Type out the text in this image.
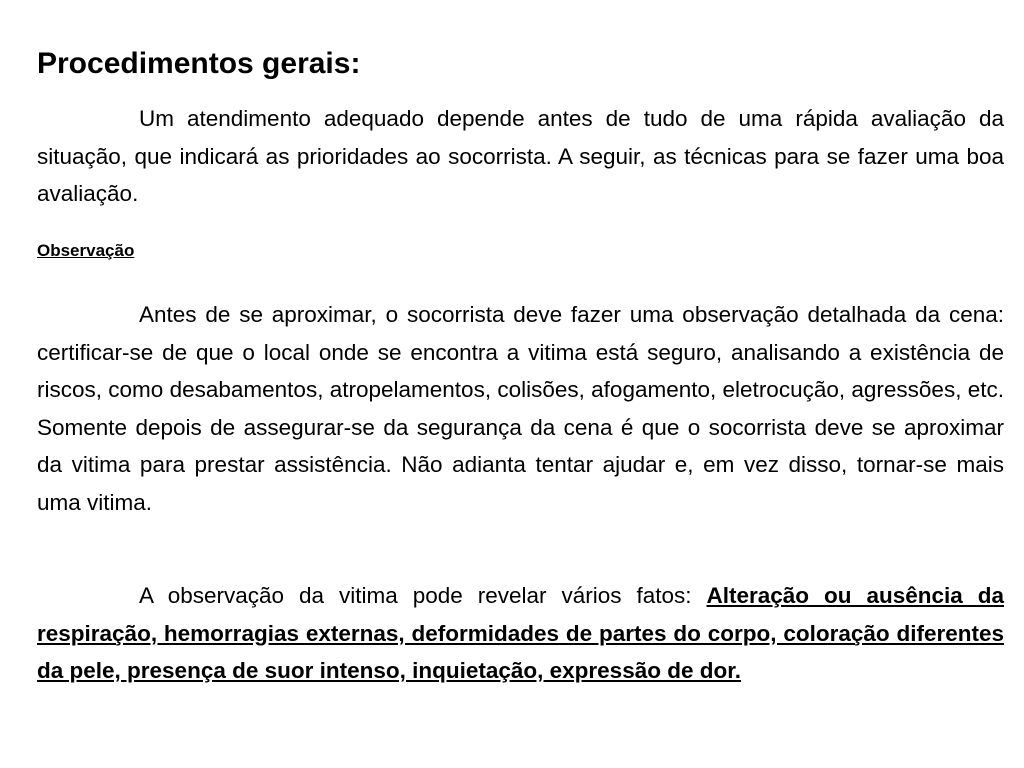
Procedimentos gerais:

Um atendimento adequado depende antes de tudo de uma rápida avaliação da situação, que indicará as prioridades ao socorrista. A seguir, as técnicas para se fazer uma boa avaliação.

Observação

Antes de se aproximar, o socorrista deve fazer uma observação detalhada da cena: certificar-se de que o local onde se encontra a vitima está seguro, analisando a existência de riscos, como desabamentos, atropelamentos, colisões, afogamento, eletrocução, agressões, etc. Somente depois de assegurar-se da segurança da cena é que o socorrista deve se aproximar da vitima para prestar assistência. Não adianta tentar ajudar e, em vez disso, tornar-se mais uma vitima.

A observação da vitima pode revelar vários fatos: Alteração ou ausência da respiração, hemorragias externas, deformidades de partes do corpo, coloração diferentes da pele, presença de suor intenso, inquietação, expressão de dor.
